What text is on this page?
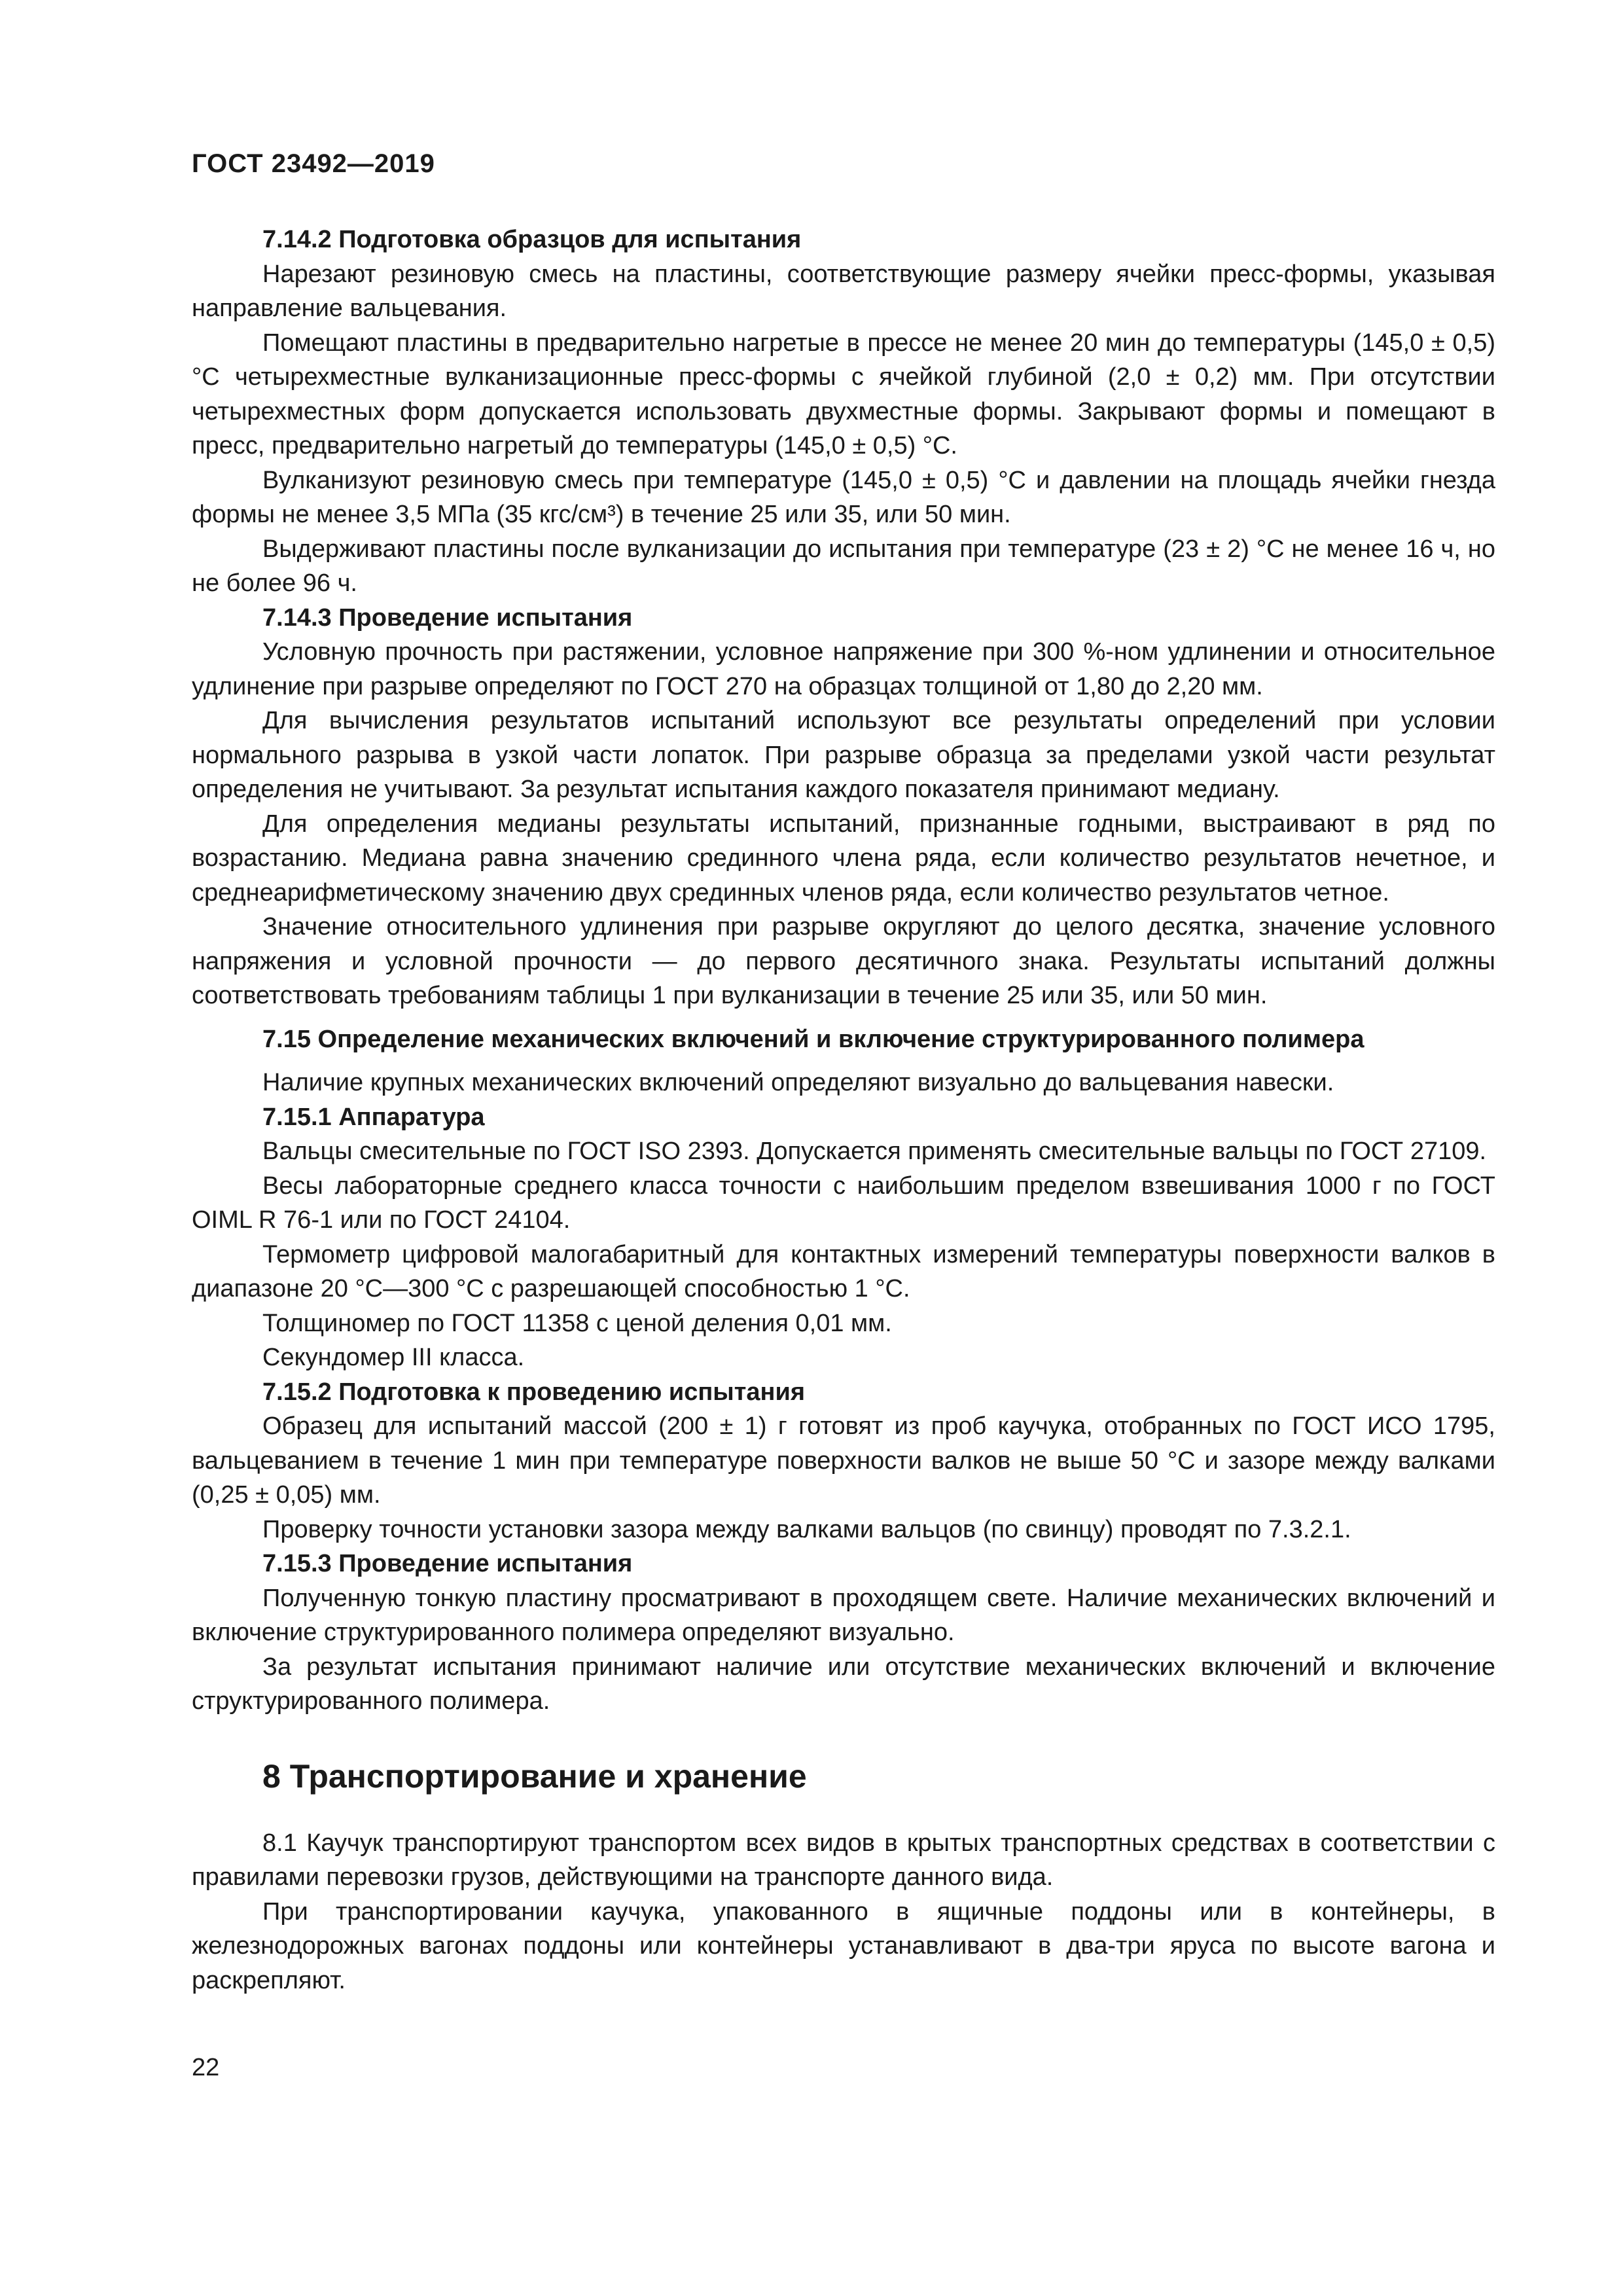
ГОСТ 23492—2019

7.14.2 Подготовка образцов для испытания

Нарезают резиновую смесь на пластины, соответствующие размеру ячейки пресс-формы, указывая направление вальцевания.

Помещают пластины в предварительно нагретые в прессе не менее 20 мин до температуры (145,0 ± 0,5) °С четырехместные вулканизационные пресс-формы с ячейкой глубиной (2,0 ± 0,2) мм. При отсутствии четырехместных форм допускается использовать двухместные формы. Закрывают формы и помещают в пресс, предварительно нагретый до температуры (145,0 ± 0,5) °С.

Вулканизуют резиновую смесь при температуре (145,0 ± 0,5) °С и давлении на площадь ячейки гнезда формы не менее 3,5 МПа (35 кгс/см³) в течение 25 или 35, или 50 мин.

Выдерживают пластины после вулканизации до испытания при температуре (23 ± 2) °С не менее 16 ч, но не более 96 ч.

7.14.3 Проведение испытания

Условную прочность при растяжении, условное напряжение при 300 %-ном удлинении и относительное удлинение при разрыве определяют по ГОСТ 270 на образцах толщиной от 1,80 до 2,20 мм.

Для вычисления результатов испытаний используют все результаты определений при условии нормального разрыва в узкой части лопаток. При разрыве образца за пределами узкой части результат определения не учитывают. За результат испытания каждого показателя принимают медиану.

Для определения медианы результаты испытаний, признанные годными, выстраивают в ряд по возрастанию. Медиана равна значению срединного члена ряда, если количество результатов нечетное, и среднеарифметическому значению двух срединных членов ряда, если количество результатов четное.

Значение относительного удлинения при разрыве округляют до целого десятка, значение условного напряжения и условной прочности — до первого десятичного знака. Результаты испытаний должны соответствовать требованиям таблицы 1 при вулканизации в течение 25 или 35, или 50 мин.

7.15 Определение механических включений и включение структурированного полимера

Наличие крупных механических включений определяют визуально до вальцевания навески.

7.15.1 Аппаратура

Вальцы смесительные по ГОСТ ISO 2393. Допускается применять смесительные вальцы по ГОСТ 27109.

Весы лабораторные среднего класса точности с наибольшим пределом взвешивания 1000 г по ГОСТ OIML R 76-1 или по ГОСТ 24104.

Термометр цифровой малогабаритный для контактных измерений температуры поверхности валков в диапазоне 20 °С—300 °С с разрешающей способностью 1 °С.

Толщиномер по ГОСТ 11358 с ценой деления 0,01 мм.

Секундомер III класса.

7.15.2 Подготовка к проведению испытания

Образец для испытаний массой (200 ± 1) г готовят из проб каучука, отобранных по ГОСТ ИСО 1795, вальцеванием в течение 1 мин при температуре поверхности валков не выше 50 °С и зазоре между валками (0,25 ± 0,05) мм.

Проверку точности установки зазора между валками вальцов (по свинцу) проводят по 7.3.2.1.

7.15.3 Проведение испытания

Полученную тонкую пластину просматривают в проходящем свете. Наличие механических включений и включение структурированного полимера определяют визуально.

За результат испытания принимают наличие или отсутствие механических включений и включение структурированного полимера.

8 Транспортирование и хранение

8.1 Каучук транспортируют транспортом всех видов в крытых транспортных средствах в соответствии с правилами перевозки грузов, действующими на транспорте данного вида.

При транспортировании каучука, упакованного в ящичные поддоны или в контейнеры, в железнодорожных вагонах поддоны или контейнеры устанавливают в два-три яруса по высоте вагона и раскрепляют.

22
